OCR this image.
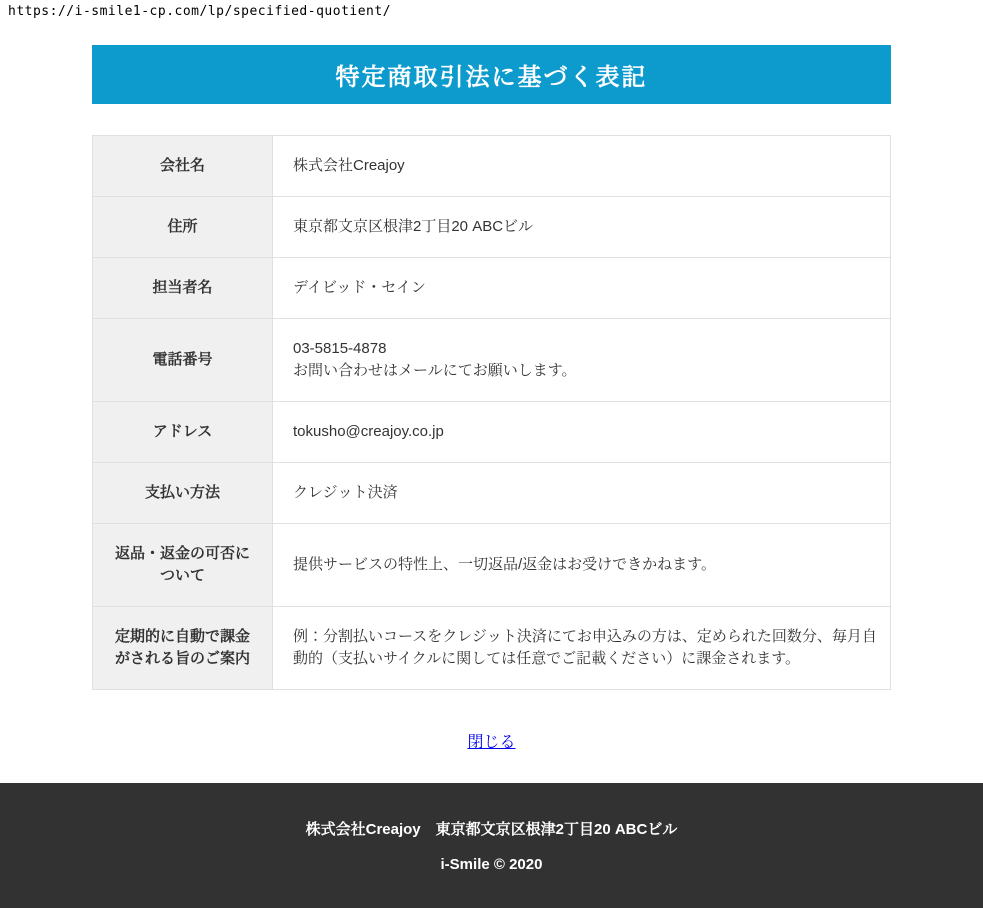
https://i-smile1-cp.com/lp/specified-quotient/
特定商取引法に基づく表記
会社名	株式会社Creajoy
住所	東京都文京区根津2丁目20 ABCビル
担当者名	デイビッド・セイン
電話番号	03-5815-4878
お問い合わせはメールにてお願いします。

アドレス	tokusho@creajoy.co.jp
支払い方法	クレジット決済
返品・返金の可否について	提供サービスの特性上、一切返品/返金はお受けできかねます。
定期的に自動で課金がされる旨のご案内	例：分割払いコースをクレジット決済にてお申込みの方は、定められた回数分、毎月自動的（支払いサイクルに関しては任意でご記載ください）に課金されます。
閉じる
株式会社Creajoy　東京都文京区根津2丁目20 ABCビル
i-Smile © 2020
